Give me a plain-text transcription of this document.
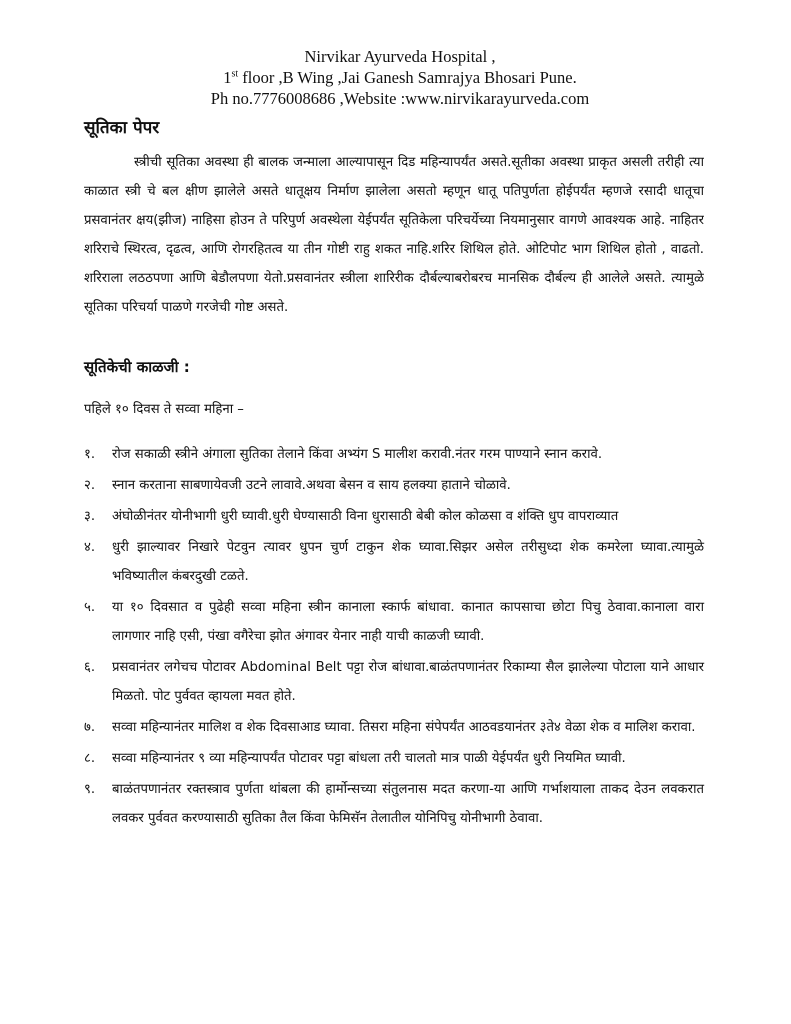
Nirvikar Ayurveda Hospital ,
1st floor ,B Wing ,Jai Ganesh Samrajya Bhosari Pune.
Ph no.7776008686 ,Website :www.nirvikarayurveda.com
सूतिका पेपर

स्त्रीची सूतिका अवस्था ही बालक जन्माला आल्यापासून दिड महिन्यापर्यंत असते.सूतीका अवस्था प्राकृत असली तरीही त्या काळात स्त्री चे बल क्षीण झालेले असते धातूक्षय निर्माण झालेला असतो म्हणून धातू पतिपुर्णता होईपर्यंत म्हणजे रसादी धातूचा प्रसवानंतर क्षय(झीज) नाहिसा होउन ते परिपुर्ण अवस्थेला येईपर्यंत सूतिकेला परिचर्येच्या नियमानुसार वागणे आवश्यक आहे. नाहितर शरिराचे स्थिरत्व, दृढत्व, आणि रोगरहितत्व या तीन गोष्टी राहु शकत नाहि.शरिर शिथिल होते. ओटिपोट भाग शिथिल होतो , वाढतो. शरिराला लठठपणा आणि बेडौलपणा येतो.प्रसवानंतर स्त्रीला शारिरीक दौर्बल्याबरोबरच मानसिक दौर्बल्य ही आलेले असते. त्यामुळे सूतिका परिचर्या पाळणे गरजेची गोष्ट असते.

सूतिकेची काळजी :
पहिले १० दिवस ते सव्वा महिना –
१. रोज सकाळी स्त्रीने अंगाला सुतिका तेलाने किंवा अभ्यंग S मालीश करावी.नंतर गरम पाण्याने स्नान करावे.
२. स्नान करताना साबणायेवजी उटने लावावे.अथवा बेसन व साय हलक्या हाताने चोळावे.
३. अंघोळीनंतर योनीभागी धुरी घ्यावी.धुरी घेण्यासाठी विना धुरासाठी बेबी कोल कोळसा व शंक्ति धुप वापराव्यात
४. धुरी झाल्यावर निखारे पेटवुन त्यावर धुपन चुर्ण टाकुन शेक घ्यावा.सिझर असेल तरीसुध्दा शेक कमरेला घ्यावा.त्यामुळे भविष्यातील कंबरदुखी टळते.
५. या १० दिवसात व पुढेही सव्वा महिना स्त्रीन कानाला स्कार्फ बांधावा. कानात कापसाचा छोटा पिचु ठेवावा.कानाला वारा लागणार नाहि एसी, पंखा वगैरेचा झोत अंगावर येनार नाही याची काळजी घ्यावी.
६. प्रसवानंतर लगेचच पोटावर Abdominal Belt पट्टा रोज बांधावा.बाळंतपणानंतर रिकाम्या सैल झालेल्या पोटाला याने आधार मिळतो. पोट पुर्ववत व्हायला मवत होते.
७. सव्वा महिन्यानंतर मालिश व शेक दिवसाआड घ्यावा. तिसरा महिना संपेपर्यंत आठवडयानंतर ३ते४ वेळा शेक व मालिश करावा.
८. सव्वा महिन्यानंतर ९ व्या महिन्यापर्यंत पोटावर पट्टा बांधला तरी चालतो मात्र पाळी येईपर्यंत धुरी नियमित घ्यावी.
९. बाळंतपणानंतर रक्तस्त्राव पुर्णता थांबला की हार्मोन्सच्या संतुलनास मदत करणा-या आणि गर्भाशयाला ताकद देउन लवकरात लवकर पुर्ववत करण्यासाठी सुतिका तैल किंवा फेमिसॅन तेलातील योनिपिचु योनीभागी ठेवावा.
